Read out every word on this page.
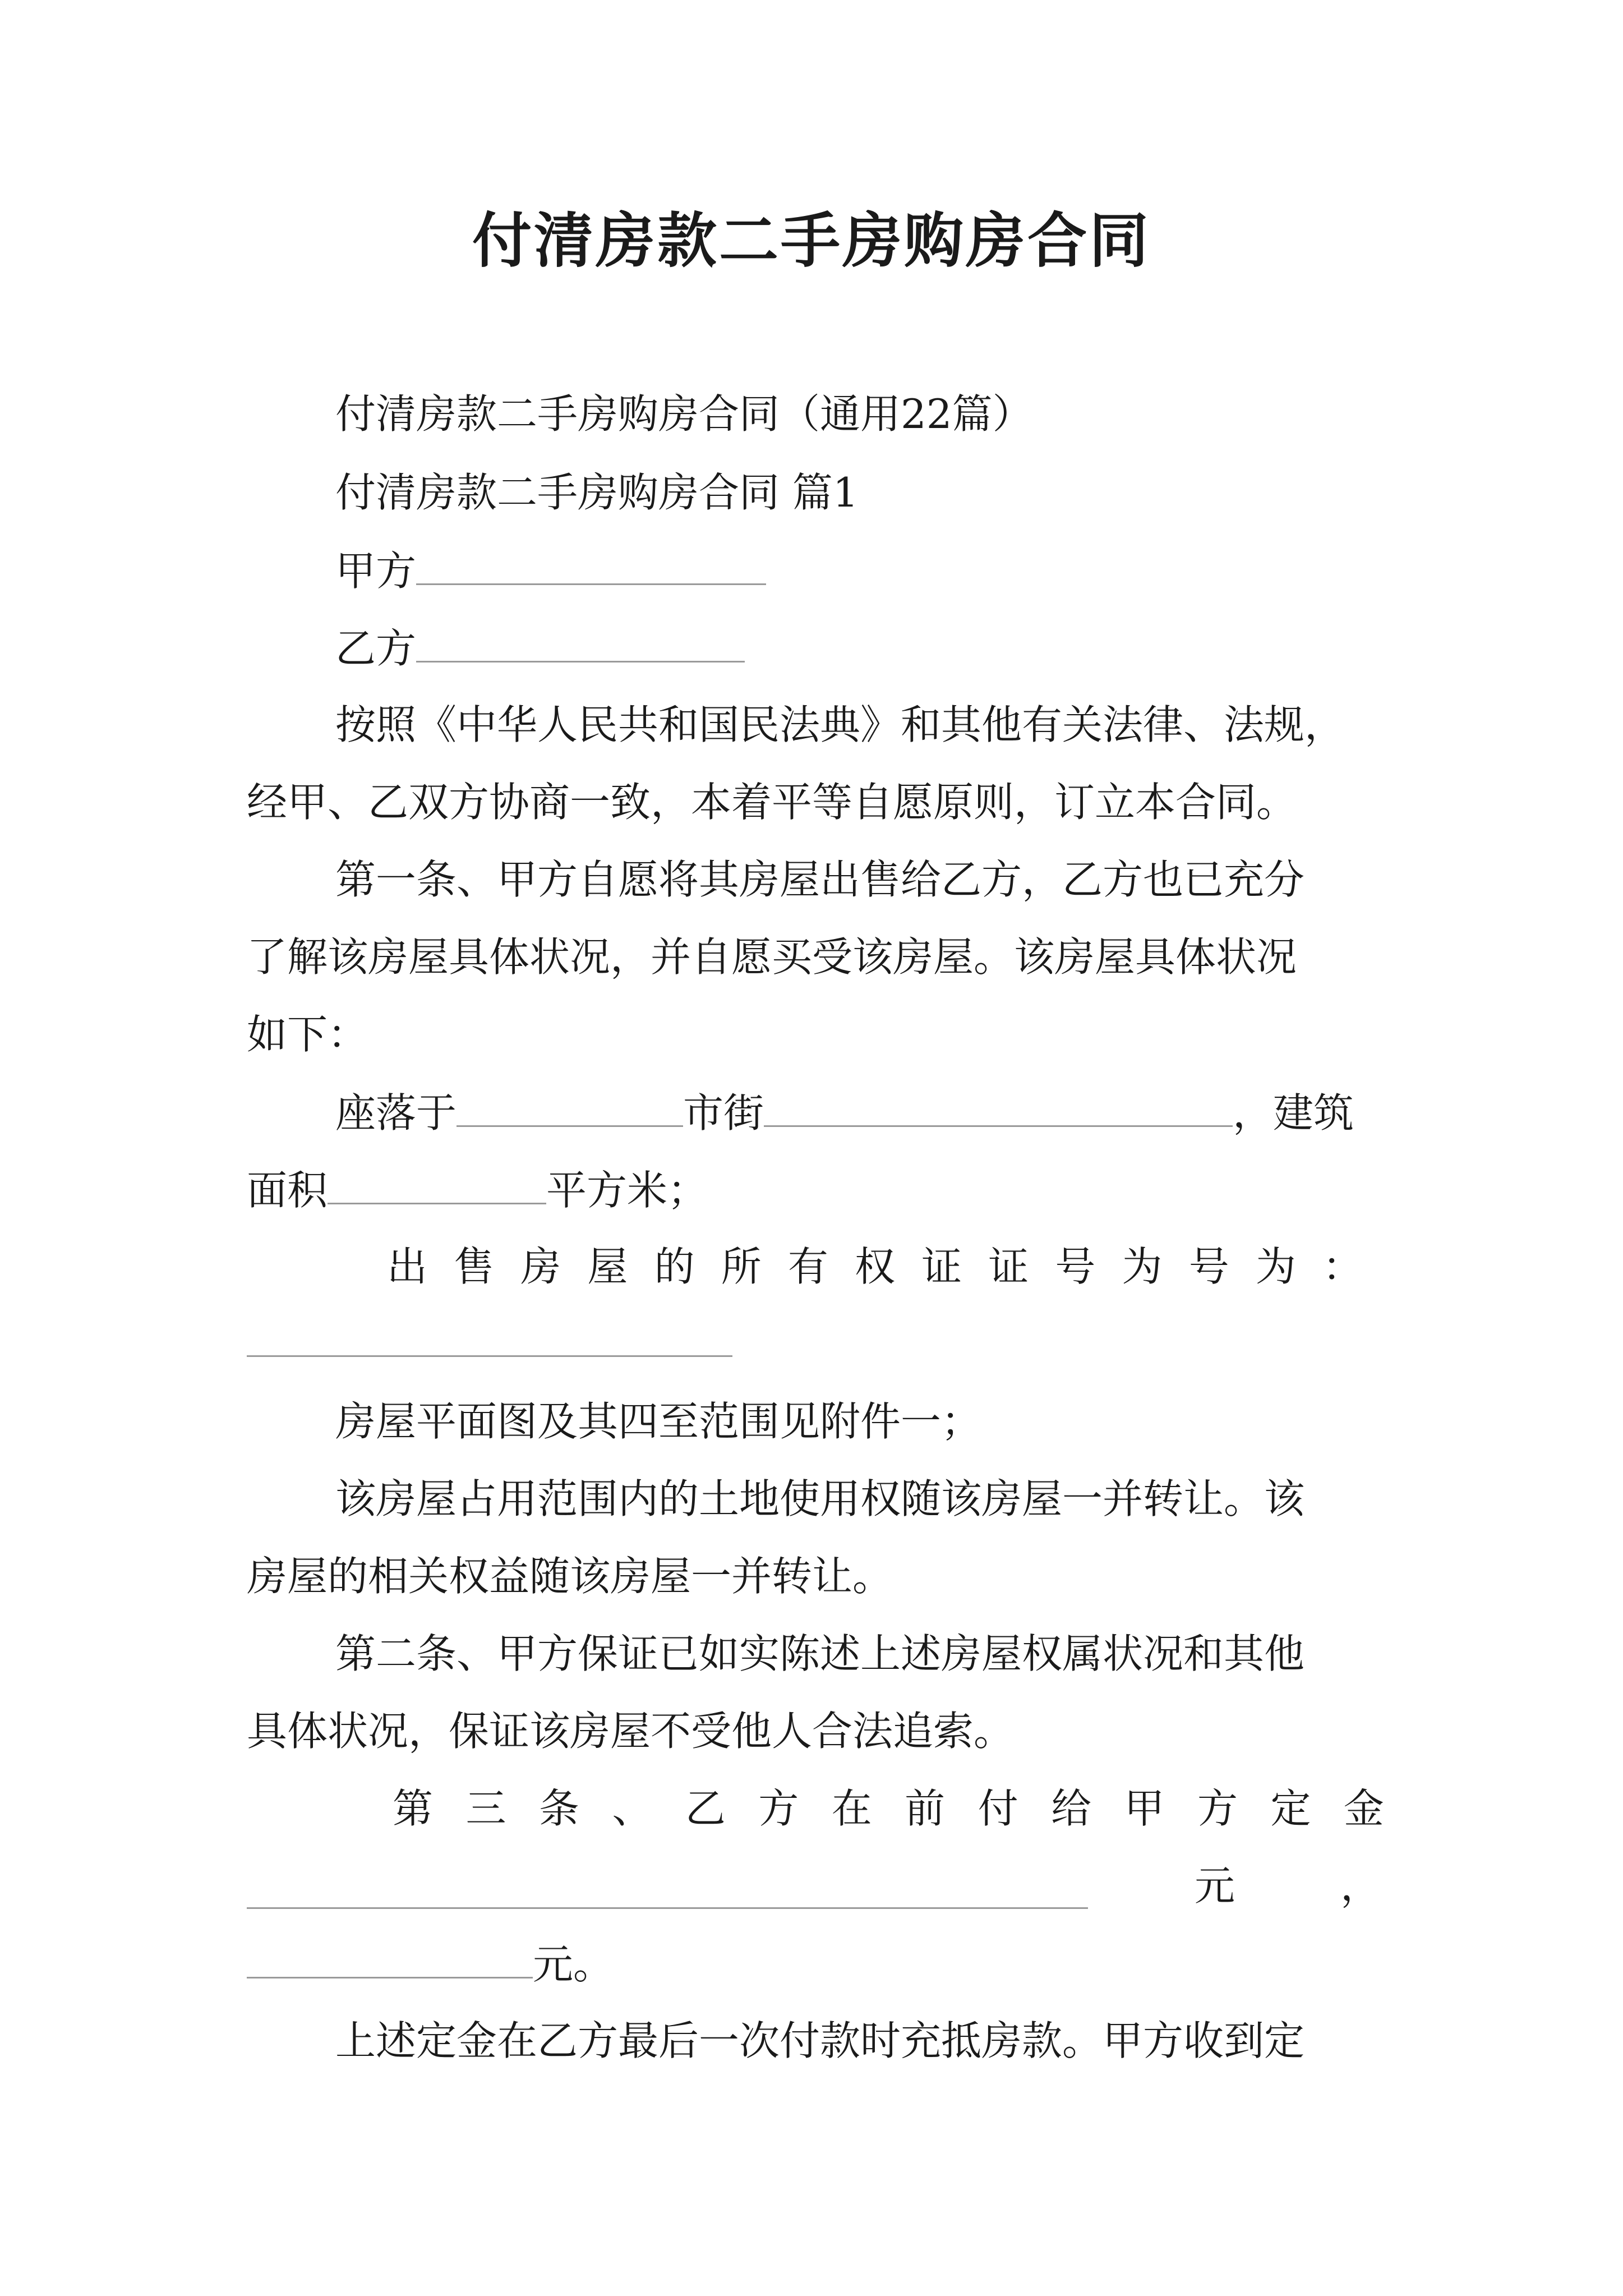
付清房款二手房购房合同
付清房款二手房购房合同（通用22篇）
付清房款二手房购房合同 篇1
甲方
乙方
按照《中华人民共和国民法典》和其他有关法律、法规，
经甲、乙双方协商一致，本着平等自愿原则，订立本合同。
第一条、甲方自愿将其房屋出售给乙方，乙方也已充分
了解该房屋具体状况，并自愿买受该房屋。该房屋具体状况
如下：
座落于	市街	，建筑
面积	平方米；
出 售 房 屋 的 所 有 权 证 证 号 为 号 为 ：
房屋平面图及其四至范围见附件一；
该房屋占用范围内的土地使用权随该房屋一并转让。该
房屋的相关权益随该房屋一并转让。
第二条、甲方保证已如实陈述上述房屋权属状况和其他
具体状况，保证该房屋不受他人合法追索。
第 三 条 、 乙 方 在 前 付 给 甲 方 定 金
元	，
元。
上述定金在乙方最后一次付款时充抵房款。甲方收到定
